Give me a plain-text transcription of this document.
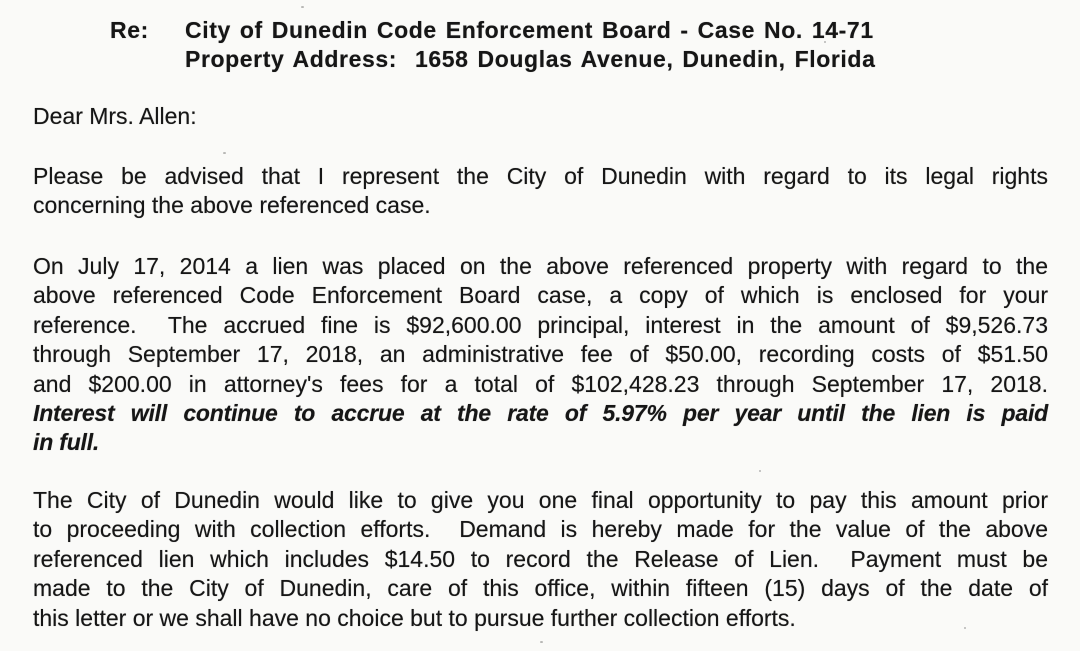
Re:	City of Dunedin Code Enforcement Board - Case No. 14-71
Property Address:  1658 Douglas Avenue, Dunedin, Florida
Dear Mrs. Allen:
Please be advised that I represent the City of Dunedin with regard to its legal rights
concerning the above referenced case.
On July 17, 2014 a lien was placed on the above referenced property with regard to the
above referenced Code Enforcement Board case, a copy of which is enclosed for your
reference.  The accrued fine is $92,600.00 principal, interest in the amount of $9,526.73
through September 17, 2018, an administrative fee of $50.00, recording costs of $51.50
and $200.00 in attorney's fees for a total of $102,428.23 through September 17, 2018.
Interest will continue to accrue at the rate of 5.97% per year until the lien is paid
in full.
The City of Dunedin would like to give you one final opportunity to pay this amount prior
to proceeding with collection efforts.  Demand is hereby made for the value of the above
referenced lien which includes $14.50 to record the Release of Lien.  Payment must be
made to the City of Dunedin, care of this office, within fifteen (15) days of the date of
this letter or we shall have no choice but to pursue further collection efforts.
